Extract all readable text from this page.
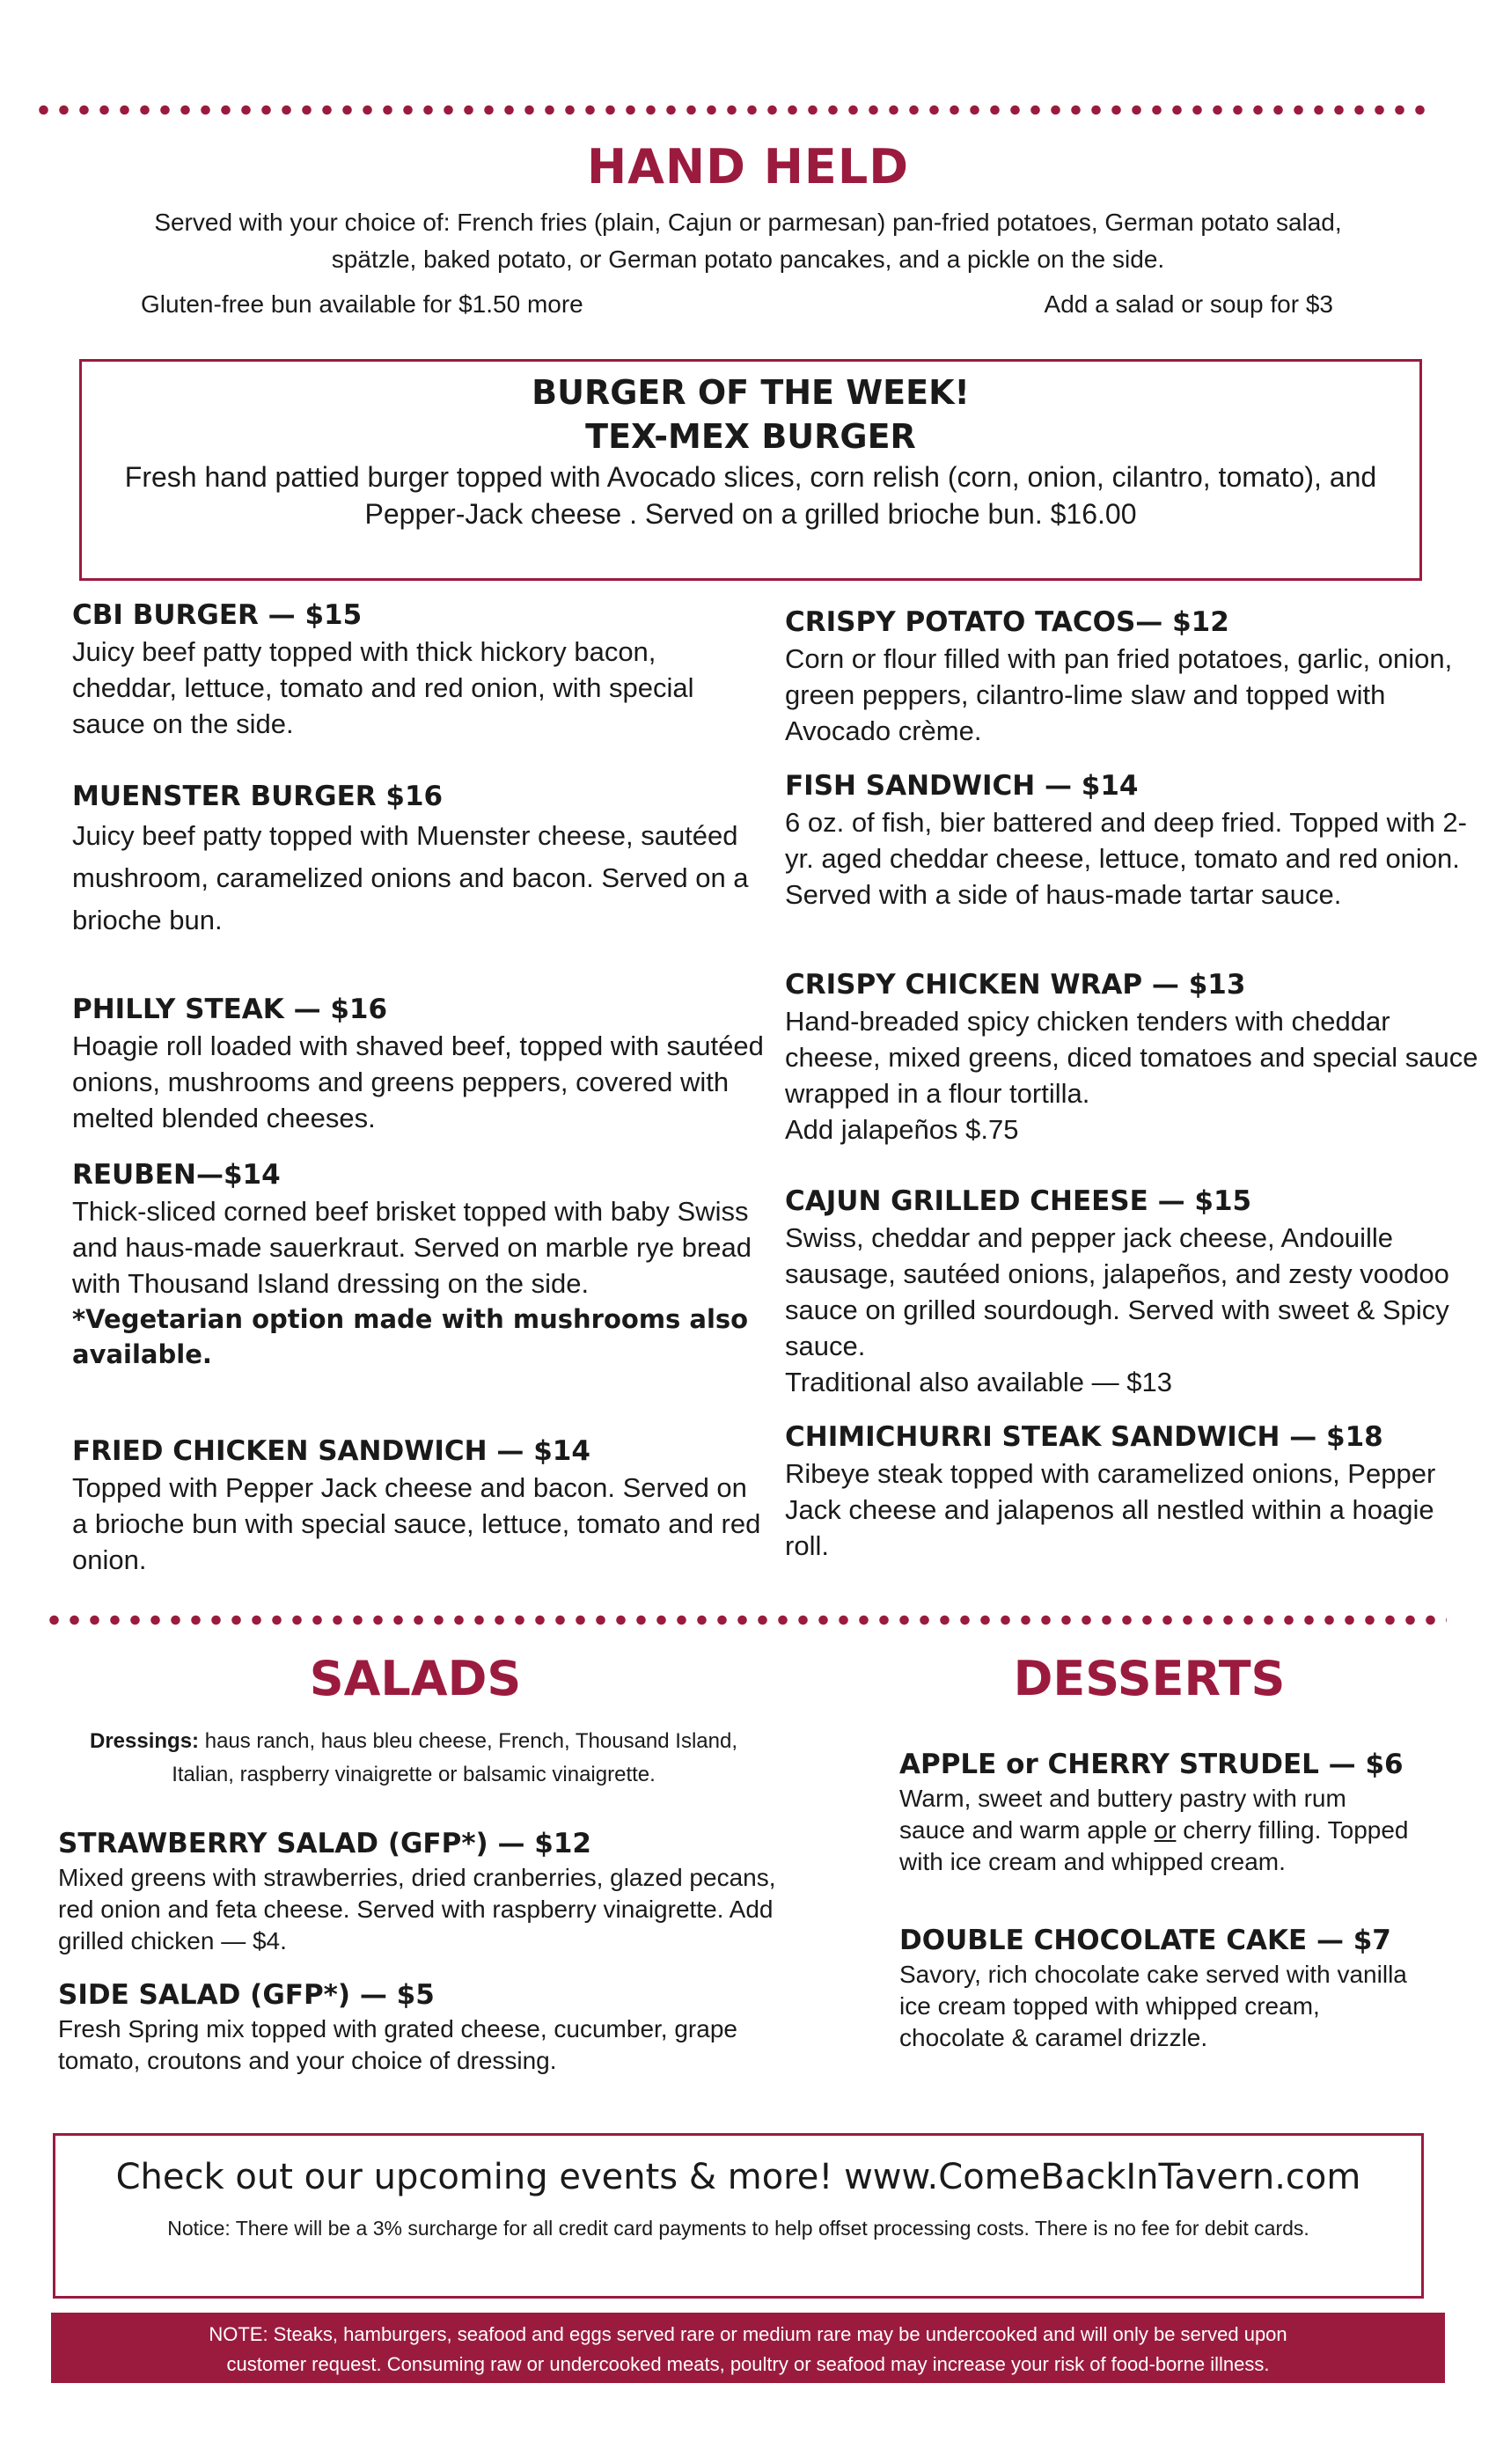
HAND HELD
Served with your choice of: French fries (plain, Cajun or parmesan) pan-fried potatoes, German potato salad,
spätzle, baked potato, or German potato pancakes, and a pickle on the side.
Gluten-free bun available for $1.50 more	Add a salad or soup for $3
BURGER OF THE WEEK!
TEX-MEX BURGER
Fresh hand pattied burger topped with Avocado slices, corn relish (corn, onion, cilantro, tomato), and Pepper-Jack cheese . Served on a grilled brioche bun. $16.00
CBI BURGER — $15
Juicy beef patty topped with thick hickory bacon, cheddar, lettuce, tomato and red onion, with special sauce on the side.
MUENSTER BURGER $16
Juicy beef patty topped with Muenster cheese, sautéed mushroom, caramelized onions and bacon. Served on a brioche bun.
PHILLY STEAK — $16
Hoagie roll loaded with shaved beef, topped with sautéed onions, mushrooms and greens peppers, covered with melted blended cheeses.
REUBEN—$14
Thick-sliced corned beef brisket topped with baby Swiss and haus-made sauerkraut. Served on marble rye bread with Thousand Island dressing on the side.
*Vegetarian option made with mushrooms also available.
FRIED CHICKEN SANDWICH — $14
Topped with Pepper Jack cheese and bacon. Served on a brioche bun with special sauce, lettuce, tomato and red onion.
CRISPY POTATO TACOS— $12
Corn or flour filled with pan fried potatoes, garlic, onion, green peppers, cilantro-lime slaw and topped with Avocado crème.
FISH SANDWICH — $14
6 oz. of fish, bier battered and deep fried. Topped with 2-yr. aged cheddar cheese, lettuce, tomato and red onion. Served with a side of haus-made tartar sauce.
CRISPY CHICKEN WRAP — $13
Hand-breaded spicy chicken tenders with cheddar cheese, mixed greens, diced tomatoes and special sauce wrapped in a flour tortilla.
Add jalapeños $.75
CAJUN GRILLED CHEESE — $15
Swiss, cheddar and pepper jack cheese, Andouille sausage, sautéed onions, jalapeños, and zesty voodoo sauce on grilled sourdough. Served with sweet & Spicy sauce.
Traditional also available — $13
CHIMICHURRI STEAK SANDWICH — $18
Ribeye steak topped with caramelized onions, Pepper Jack cheese and jalapenos all nestled within a hoagie roll.
SALADS
Dressings: haus ranch, haus bleu cheese, French, Thousand Island,
Italian, raspberry vinaigrette or balsamic vinaigrette.
STRAWBERRY SALAD (GFP*) — $12
Mixed greens with strawberries, dried cranberries, glazed pecans, red onion and feta cheese. Served with raspberry vinaigrette. Add grilled chicken — $4.
SIDE SALAD (GFP*) — $5
Fresh Spring mix topped with grated cheese, cucumber, grape tomato, croutons and your choice of dressing.
DESSERTS
APPLE or CHERRY STRUDEL — $6
Warm, sweet and buttery pastry with rum sauce and warm apple or cherry filling. Topped with ice cream and whipped cream.
DOUBLE CHOCOLATE CAKE — $7
Savory, rich chocolate cake served with vanilla ice cream topped with whipped cream, chocolate & caramel drizzle.
Check out our upcoming events & more! www.ComeBackInTavern.com
Notice: There will be a 3% surcharge for all credit card payments to help offset processing costs. There is no fee for debit cards.
NOTE: Steaks, hamburgers, seafood and eggs served rare or medium rare may be undercooked and will only be served upon
customer request. Consuming raw or undercooked meats, poultry or seafood may increase your risk of food-borne illness.
